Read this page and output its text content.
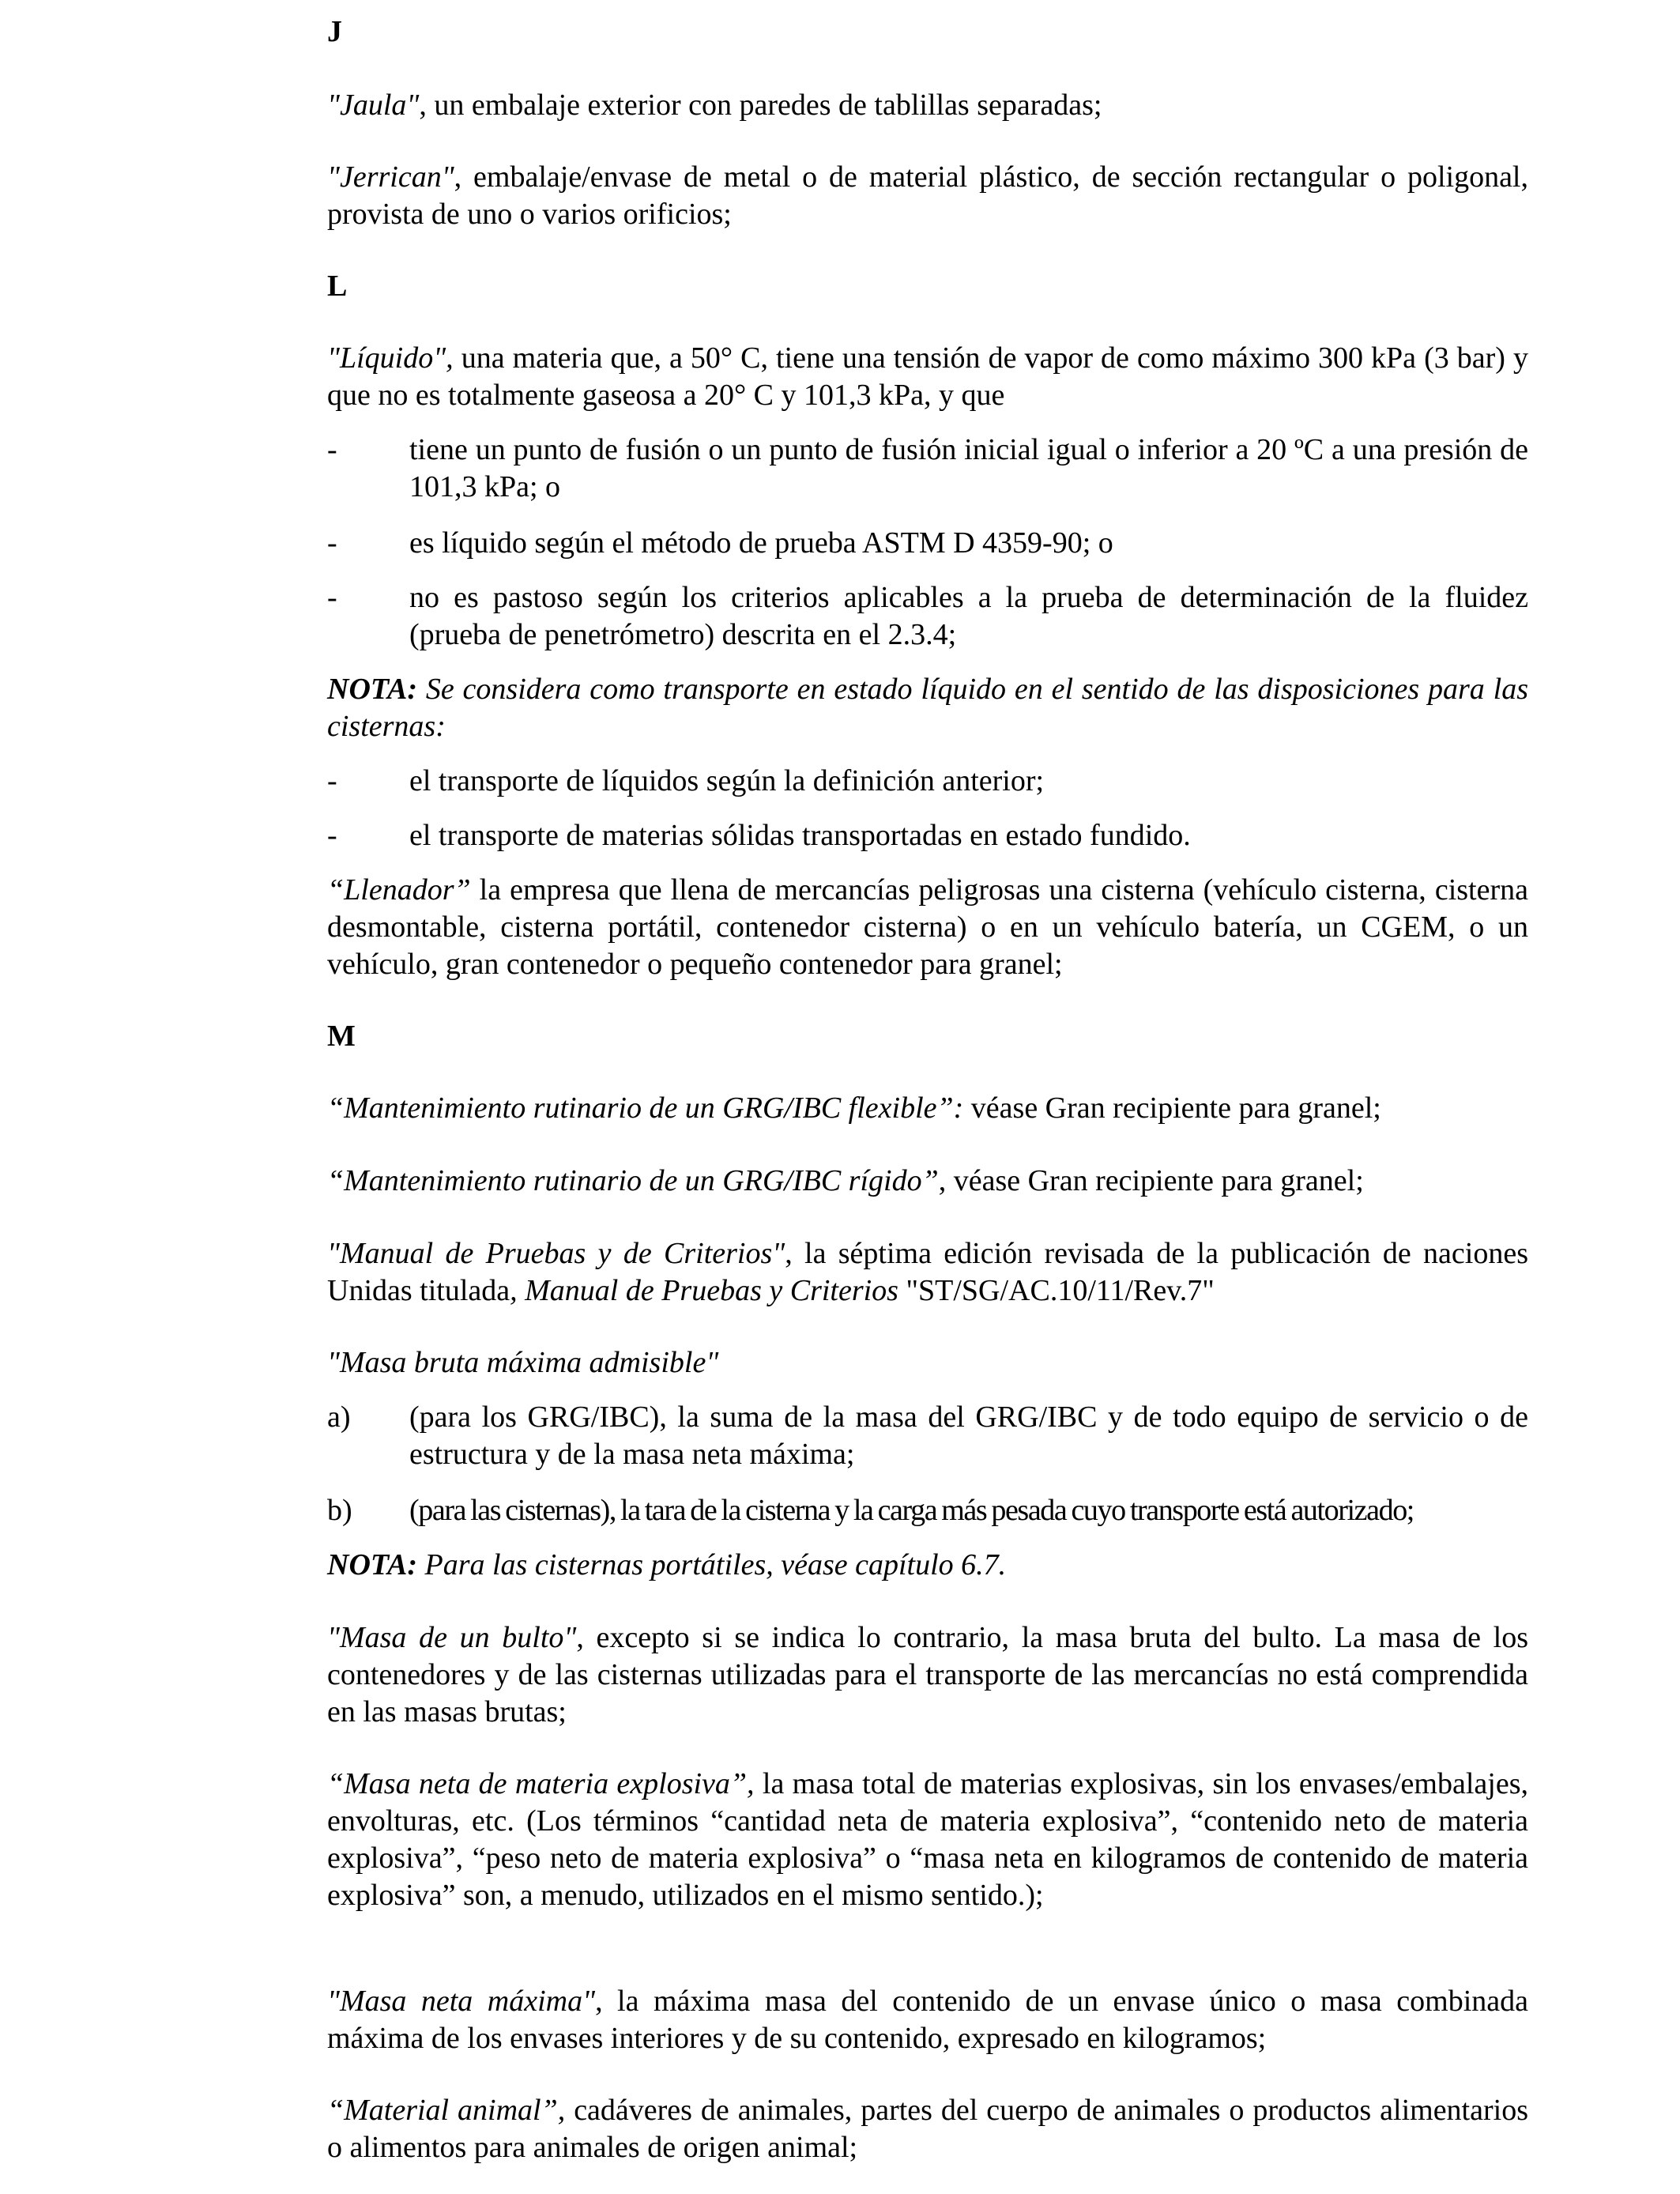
J

"Jaula", un embalaje exterior con paredes de tablillas separadas;

"Jerrican", embalaje/envase de metal o de material plástico, de sección rectangular o poligonal, provista de uno o varios orificios;

L

"Líquido", una materia que, a 50° C, tiene una tensión de vapor de como máximo 300 kPa (3 bar) y que no es totalmente gaseosa a 20° C y 101,3 kPa, y que

- tiene un punto de fusión o un punto de fusión inicial igual o inferior a 20 ºC a una presión de 101,3 kPa; o
- es líquido según el método de prueba ASTM D 4359-90; o
- no es pastoso según los criterios aplicables a la prueba de determinación de la fluidez (prueba de penetrómetro) descrita en el 2.3.4;

NOTA: Se considera como transporte en estado líquido en el sentido de las disposiciones para las cisternas:

- el transporte de líquidos según la definición anterior;
- el transporte de materias sólidas transportadas en estado fundido.

“Llenador” la empresa que llena de mercancías peligrosas una cisterna (vehículo cisterna, cisterna desmontable, cisterna portátil, contenedor cisterna) o en un vehículo batería, un CGEM, o un vehículo, gran contenedor o pequeño contenedor para granel;

M

“Mantenimiento rutinario de un GRG/IBC flexible”: véase Gran recipiente para granel;

“Mantenimiento rutinario de un GRG/IBC rígido”, véase Gran recipiente para granel;

"Manual de Pruebas y de Criterios", la séptima edición revisada de la publicación de naciones Unidas titulada, Manual de Pruebas y Criterios "ST/SG/AC.10/11/Rev.7"

"Masa bruta máxima admisible"

a) (para los GRG/IBC), la suma de la masa del GRG/IBC y de todo equipo de servicio o de estructura y de la masa neta máxima;
b) (para las cisternas), la tara de la cisterna y la carga más pesada cuyo transporte está autorizado;

NOTA: Para las cisternas portátiles, véase capítulo 6.7.

"Masa de un bulto", excepto si se indica lo contrario, la masa bruta del bulto. La masa de los contenedores y de las cisternas utilizadas para el transporte de las mercancías no está comprendida en las masas brutas;

“Masa neta de materia explosiva”, la masa total de materias explosivas, sin los envases/embalajes, envolturas, etc. (Los términos “cantidad neta de materia explosiva”, “contenido neto de materia explosiva”, “peso neto de materia explosiva” o “masa neta en kilogramos de contenido de materia explosiva” son, a menudo, utilizados en el mismo sentido.);

"Masa neta máxima", la máxima masa del contenido de un envase único o masa combinada máxima de los envases interiores y de su contenido, expresado en kilogramos;

“Material animal”, cadáveres de animales, partes del cuerpo de animales o productos alimentarios o alimentos para animales de origen animal;
